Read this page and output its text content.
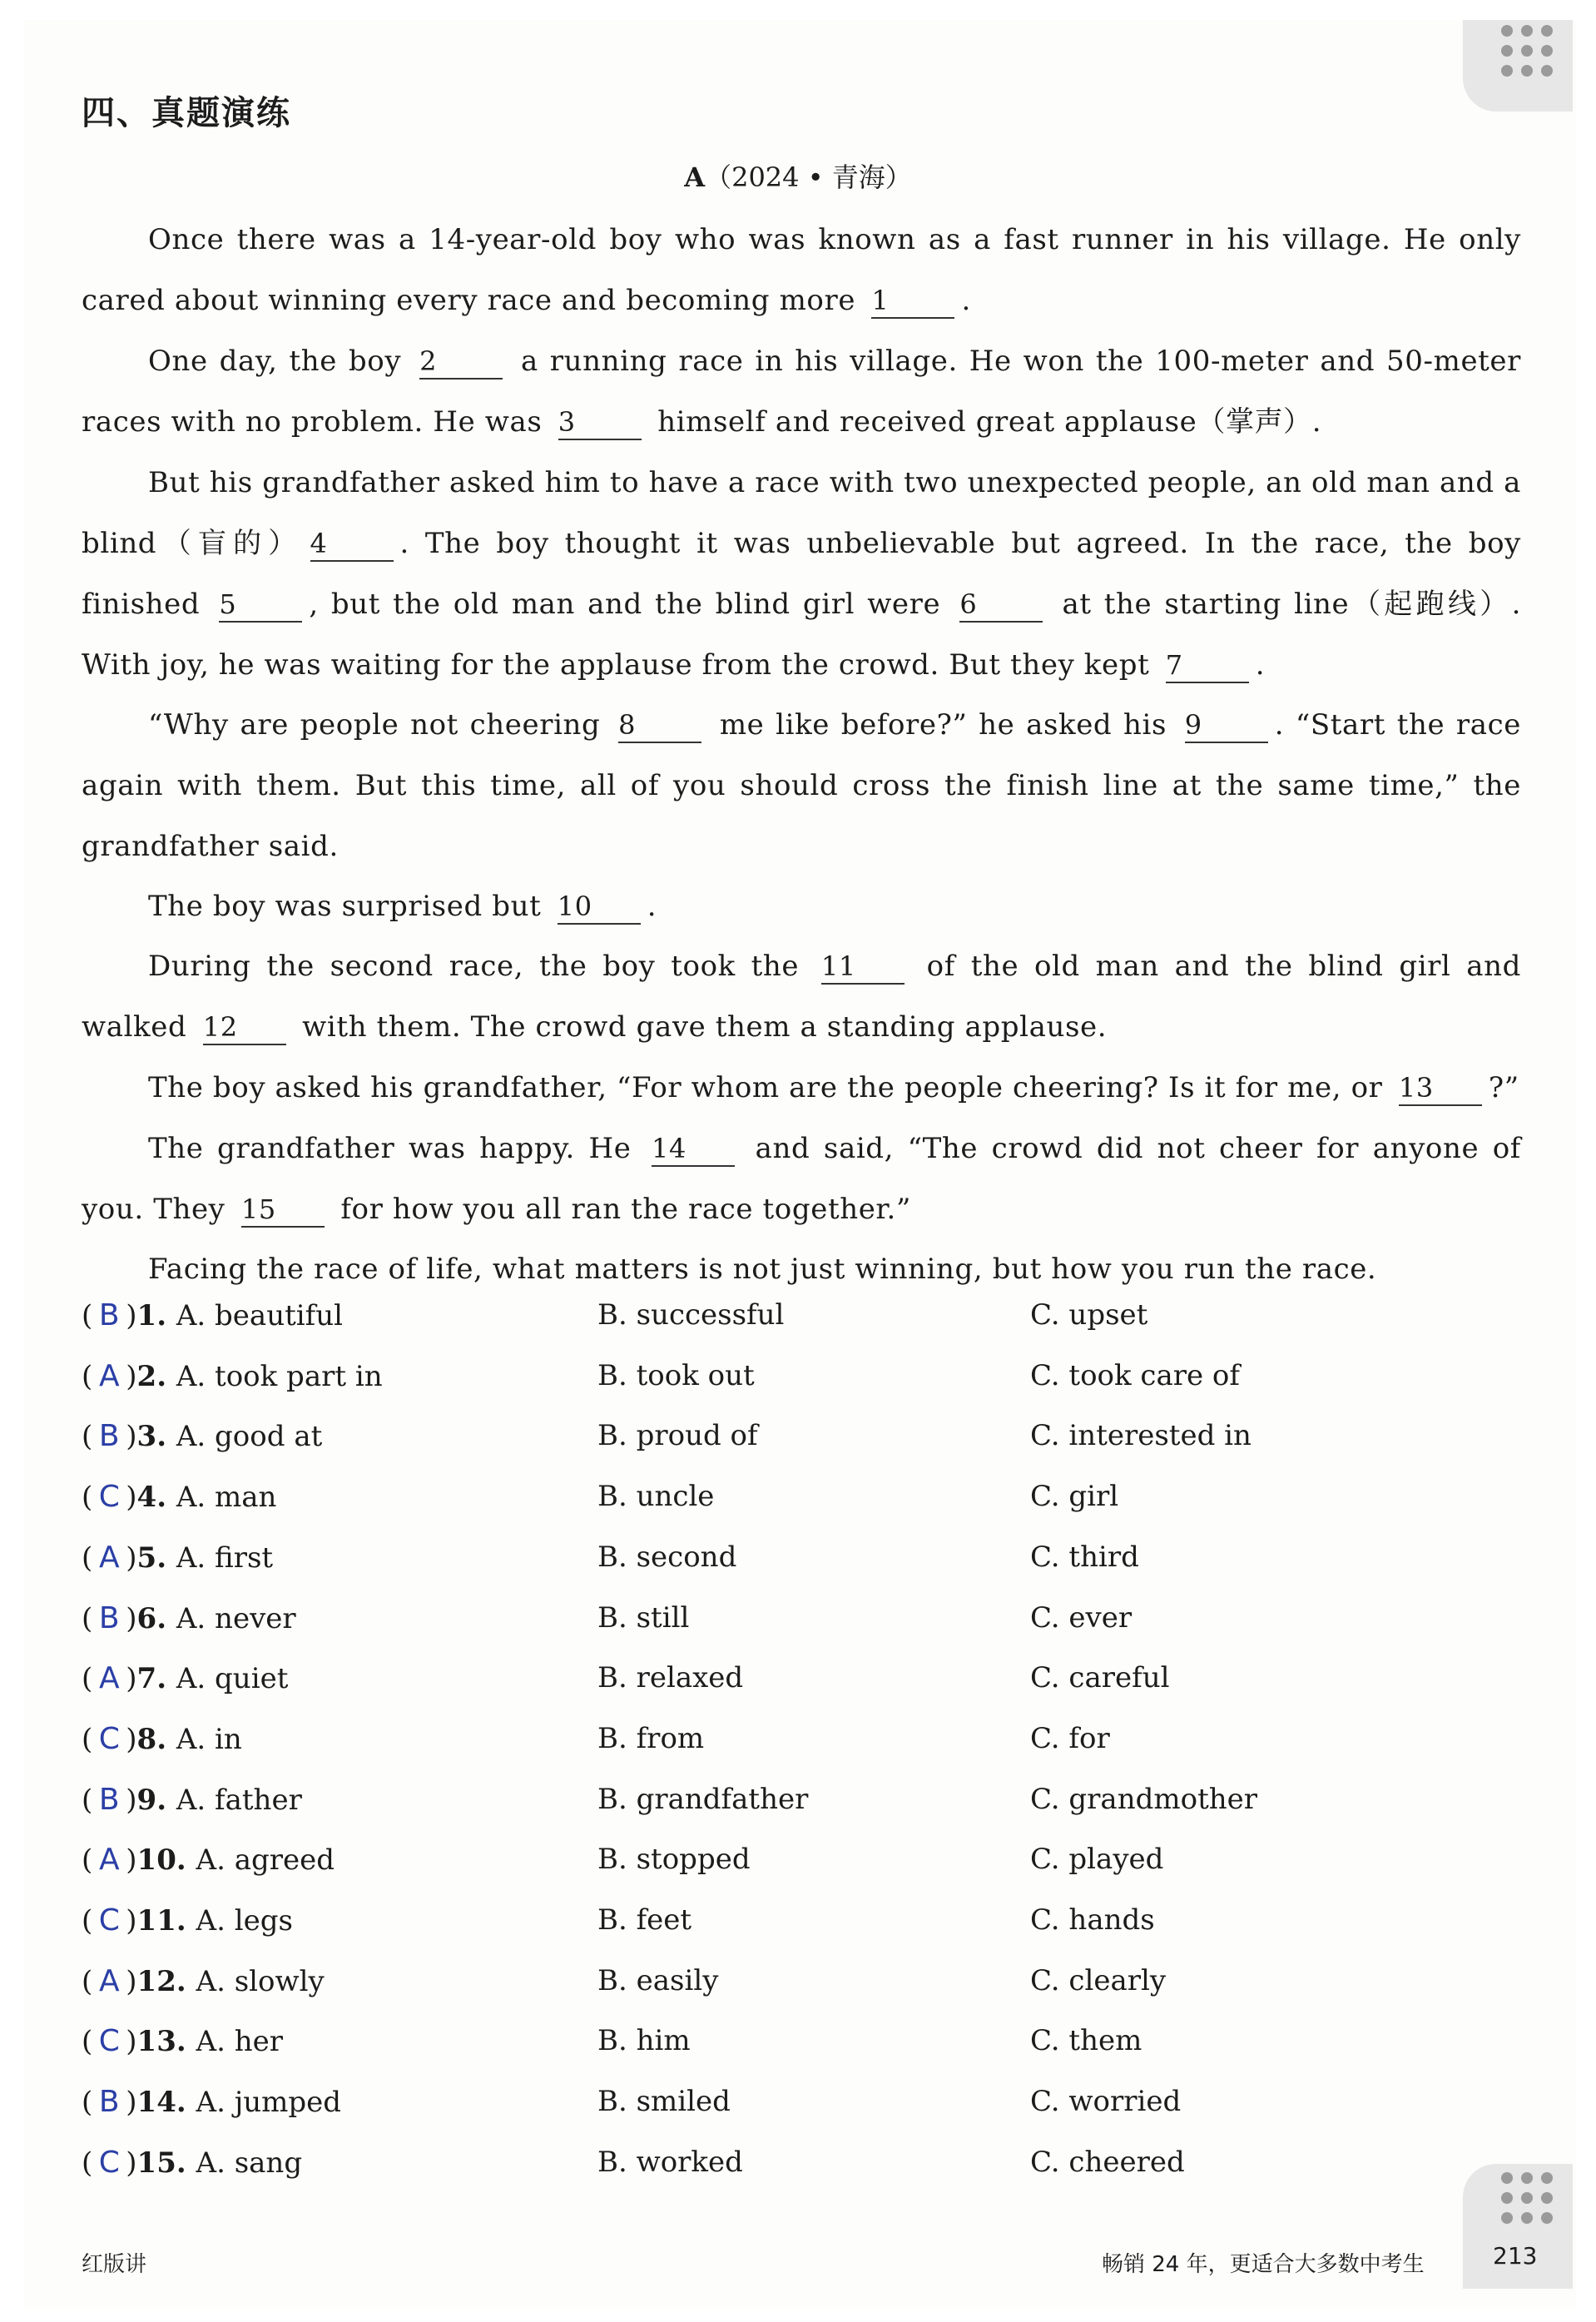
四、真题演练
A（2024 • 青海）
Once there was a 14-year-old boy who was known as a fast runner in his village. He only cared about winning every race and becoming more 1	.
One day, the boy 2	a running race in his village. He won the 100-meter and 50-meter races with no problem. He was 3	himself and received great applause（掌声）.
But his grandfather asked him to have a race with two unexpected people, an old man and a blind（盲的） 4	. The boy thought it was unbelievable but agreed. In the race, the boy finished 5	, but the old man and the blind girl were 6	at the starting line（起跑线）. With joy, he was waiting for the applause from the crowd. But they kept 7	.
“Why are people not cheering 8	me like before?” he asked his 9	. “Start the race again with them. But this time, all of you should cross the finish line at the same time,” the grandfather said.
The boy was surprised but 10 .
During the second race, the boy took the 11 of the old man and the blind girl and walked 12 with them. The crowd gave them a standing applause.
The boy asked his grandfather, “For whom are the people cheering? Is it for me, or 13 ?”
The grandfather was happy. He 14 and said, “The crowd did not cheer for anyone of you. They 15 for how you all ran the race together.”
Facing the race of life, what matters is not just winning, but how you run the race.
( B )1. A. beautiful	B. successful	C. upset
( A )2. A. took part in	B. took out	C. took care of
( B )3. A. good at	B. proud of	C. interested in
( C )4. A. man	B. uncle	C. girl
( A )5. A. first	B. second	C. third
( B )6. A. never	B. still	C. ever
( A )7. A. quiet	B. relaxed	C. careful
( C )8. A. in	B. from	C. for
( B )9. A. father	B. grandfather	C. grandmother
( A )10. A. agreed	B. stopped	C. played
( C )11. A. legs	B. feet	C. hands
( A )12. A. slowly	B. easily	C. clearly
( C )13. A. her	B. him	C. them
( B )14. A. jumped	B. smiled	C. worried
( C )15. A. sang	B. worked	C. cheered
红版讲	畅销 24 年，更适合大多数中考生	213
